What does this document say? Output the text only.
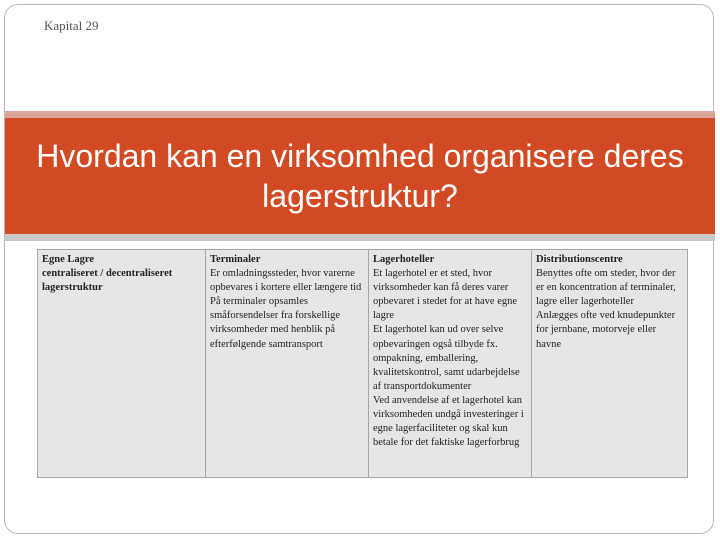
Kapital 29
Hvordan kan en virksomhed organisere deres lagerstruktur?
Egne Lagre
centraliseret / decentraliseret lagerstruktur

Terminaler
Er omladningssteder, hvor varerne opbevares i kortere eller længere tid
På terminaler opsamles småforsendelser fra forskellige virksomheder med henblik på efterfølgende samtransport

Lagerhoteller
Et lagerhotel er et sted, hvor virksomheder kan få deres varer opbevaret i stedet for at have egne lagre
Et lagerhotel kan ud over selve opbevaringen også tilbyde fx. ompakning, emballering, kvalitetskontrol, samt udarbejdelse af transportdokumenter
Ved anvendelse af et lagerhotel kan virksomheden undgå investeringer i egne lagerfaciliteter og skal kun betale for det faktiske lagerforbrug

Distributionscentre
Benyttes ofte om steder, hvor der er en koncentration af terminaler, lagre eller lagerhoteller
Anlægges ofte ved knudepunkter for jernbane, motorveje eller havne
